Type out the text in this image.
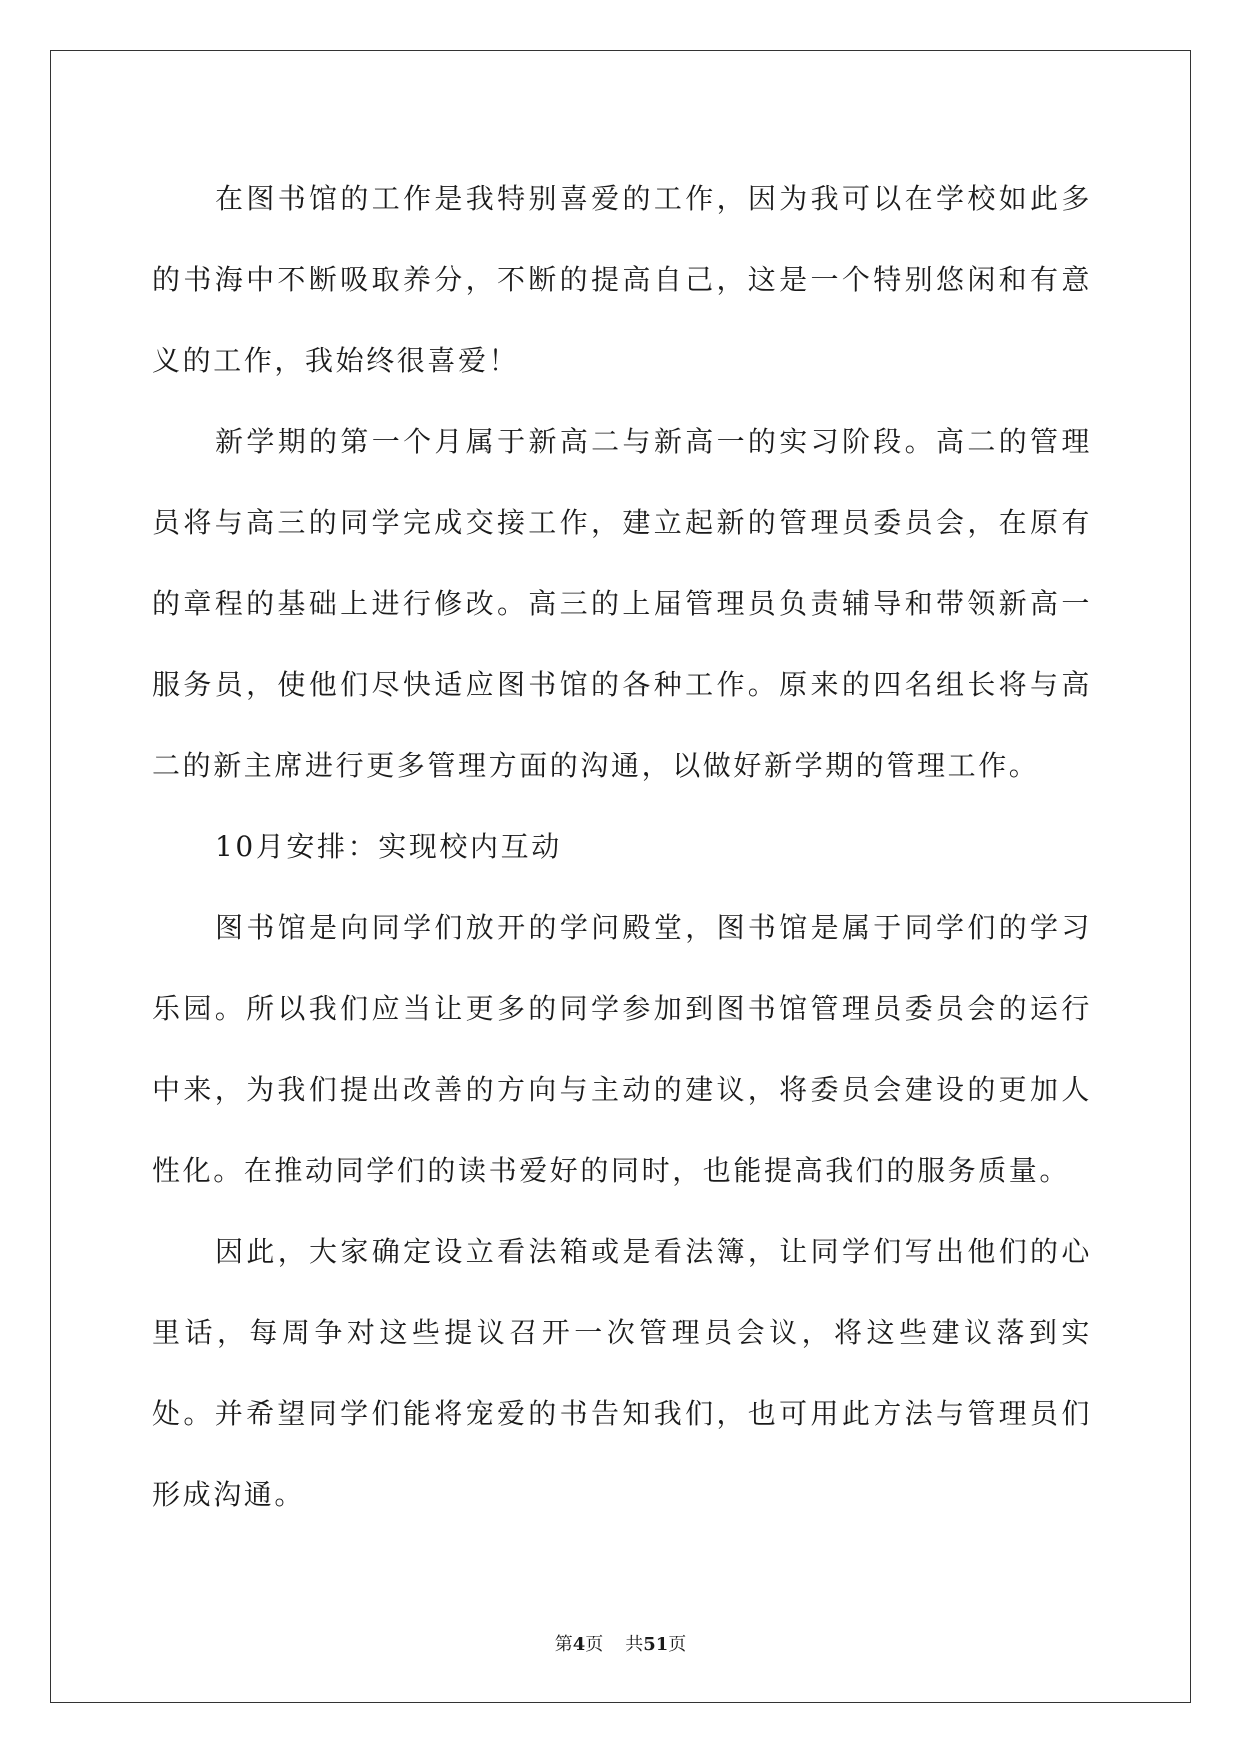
在图书馆的工作是我特别喜爱的工作，因为我可以在学校如此多的书海中不断吸取养分，不断的提高自己，这是一个特别悠闲和有意义的工作，我始终很喜爱！

新学期的第一个月属于新高二与新高一的实习阶段。高二的管理员将与高三的同学完成交接工作，建立起新的管理员委员会，在原有的章程的基础上进行修改。高三的上届管理员负责辅导和带领新高一服务员，使他们尽快适应图书馆的各种工作。原来的四名组长将与高二的新主席进行更多管理方面的沟通，以做好新学期的管理工作。

10月安排：实现校内互动

图书馆是向同学们放开的学问殿堂，图书馆是属于同学们的学习乐园。所以我们应当让更多的同学参加到图书馆管理员委员会的运行中来，为我们提出改善的方向与主动的建议，将委员会建设的更加人性化。在推动同学们的读书爱好的同时，也能提高我们的服务质量。

因此，大家确定设立看法箱或是看法簿，让同学们写出他们的心里话，每周争对这些提议召开一次管理员会议，将这些建议落到实处。并希望同学们能将宠爱的书告知我们，也可用此方法与管理员们形成沟通。

第4页 共51页
